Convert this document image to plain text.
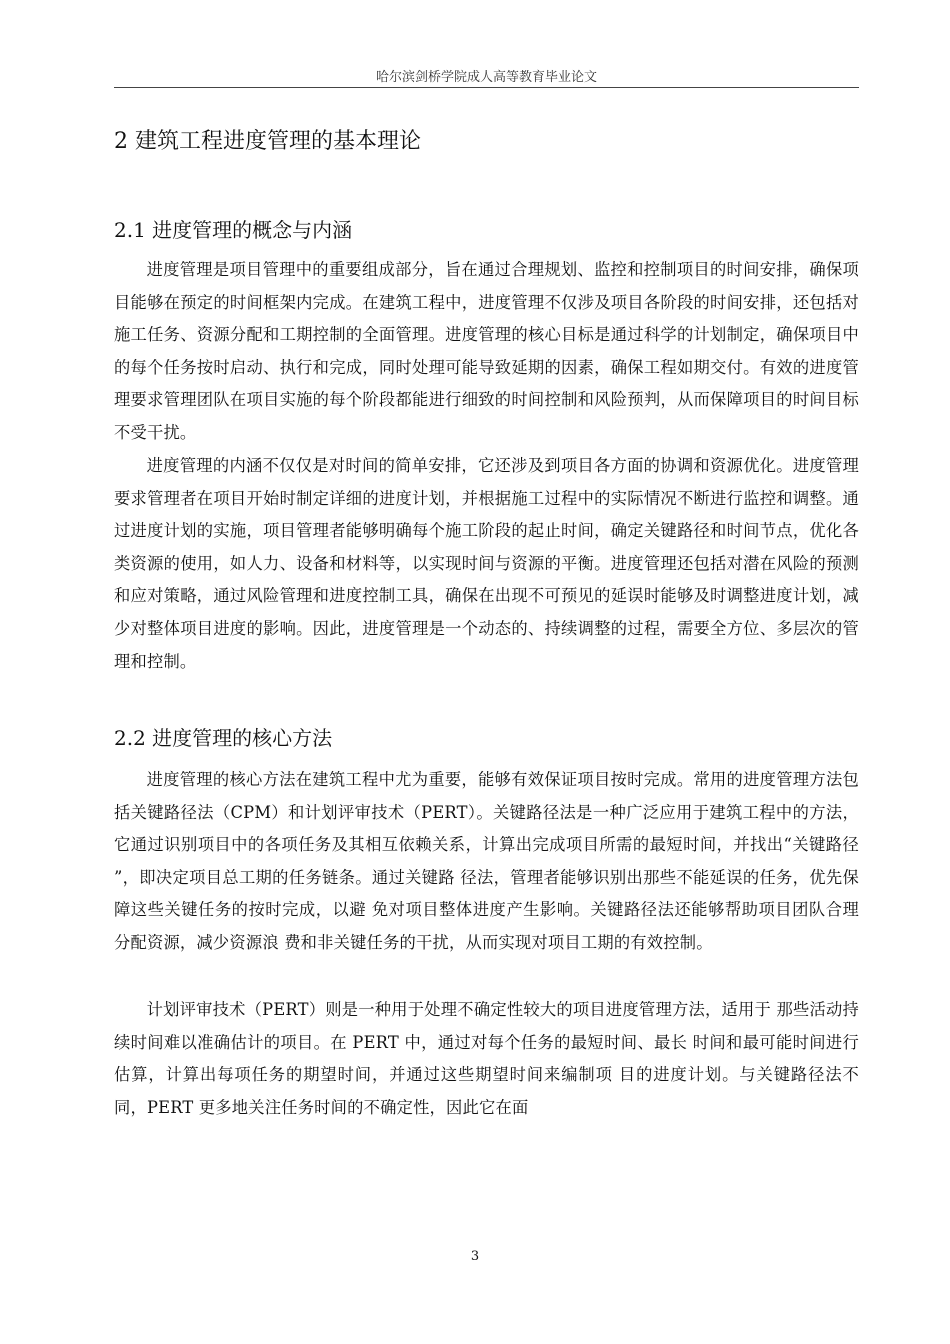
哈尔滨剑桥学院成人高等教育毕业论文
2 建筑工程进度管理的基本理论
2.1 进度管理的概念与内涵

进度管理是项目管理中的重要组成部分，旨在通过合理规划、监控和控制项目的时间安排，确保项目能够在预定的时间框架内完成。在建筑工程中，进度管理不仅涉及项目各阶段的时间安排，还包括对施工任务、资源分配和工期控制的全面管理。进度管理的核心目标是通过科学的计划制定，确保项目中的每个任务按时启动、执行和完成，同时处理可能导致延期的因素，确保工程如期交付。有效的进度管理要求管理团队在项目实施的每个阶段都能进行细致的时间控制和风险预判，从而保障项目的时间目标不受干扰。

进度管理的内涵不仅仅是对时间的简单安排，它还涉及到项目各方面的协调和资源优化。进度管理要求管理者在项目开始时制定详细的进度计划，并根据施工过程中的实际情况不断进行监控和调整。通过进度计划的实施，项目管理者能够明确每个施工阶段的起止时间，确定关键路径和时间节点，优化各类资源的使用，如人力、设备和材料等，以实现时间与资源的平衡。进度管理还包括对潜在风险的预测和应对策略，通过风险管理和进度控制工具，确保在出现不可预见的延误时能够及时调整进度计划，减少对整体项目进度的影响。因此，进度管理是一个动态的、持续调整的过程，需要全方位、多层次的管理和控制。

2.2 进度管理的核心方法

进度管理的核心方法在建筑工程中尤为重要，能够有效保证项目按时完成。常用的进度管理方法包括关键路径法（CPM）和计划评审技术（PERT）。关键路径法是一种广泛应用于建筑工程中的方法，它通过识别项目中的各项任务及其相互依赖关系，计算出完成项目所需的最短时间，并找出“关键路径 ”，即决定项目总工期的任务链条。通过关键路 径法，管理者能够识别出那些不能延误的任务，优先保障这些关键任务的按时完成，以避 免对项目整体进度产生影响。关键路径法还能够帮助项目团队合理分配资源，减少资源浪 费和非关键任务的干扰，从而实现对项目工期的有效控制。

计划评审技术（PERT）则是一种用于处理不确定性较大的项目进度管理方法，适用于 那些活动持续时间难以准确估计的项目。在 PERT 中，通过对每个任务的最短时间、最长 时间和最可能时间进行估算，计算出每项任务的期望时间，并通过这些期望时间来编制项 目的进度计划。与关键路径法不同，PERT 更多地关注任务时间的不确定性，因此它在面

3
